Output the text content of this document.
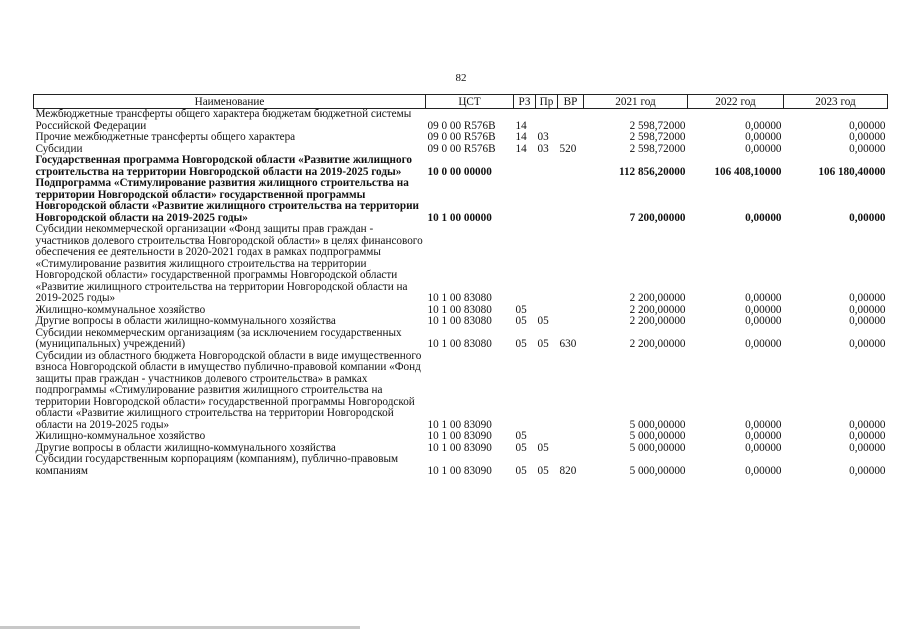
82
Наименование	ЦСТ	РЗ	Пр	ВР	2021 год	2022 год	2023 год
Межбюджетные трансферты общего характера бюджетам бюджетной системы Российской Федерации	09 0 00 R576В	14			2 598,72000	0,00000	0,00000
Прочие межбюджетные трансферты общего характера	09 0 00 R576В	14	03		2 598,72000	0,00000	0,00000
Субсидии	09 0 00 R576В	14	03	520	2 598,72000	0,00000	0,00000
Государственная программа Новгородской области «Развитие жилищного строительства на территории Новгородской области на 2019-2025 годы»	10 0 00 00000				112 856,20000	106 408,10000	106 180,40000
Подпрограмма «Стимулирование развития жилищного строительства на территории Новгородской области» государственной программы Новгородской области «Развитие жилищного строительства на территории Новгородской области на 2019-2025 годы»	10 1 00 00000				7 200,00000	0,00000	0,00000
Субсидии некоммерческой организации «Фонд защиты прав граждан - участников долевого строительства Новгородской области» в целях финансового обеспечения ее деятельности в 2020-2021 годах в рамках подпрограммы «Стимулирование развития жилищного строительства на территории Новгородской области» государственной программы Новгородской области «Развитие жилищного строительства на территории Новгородской области на 2019-2025 годы»	10 1 00 83080				2 200,00000	0,00000	0,00000
Жилищно-коммунальное хозяйство	10 1 00 83080	05			2 200,00000	0,00000	0,00000
Другие вопросы в области жилищно-коммунального хозяйства	10 1 00 83080	05	05		2 200,00000	0,00000	0,00000
Субсидии некоммерческим организациям (за исключением государственных (муниципальных) учреждений)	10 1 00 83080	05	05	630	2 200,00000	0,00000	0,00000
Субсидии из областного бюджета Новгородской области в виде имущественного взноса Новгородской области в имущество публично-правовой компании «Фонд защиты прав граждан - участников долевого строительства» в рамках подпрограммы «Стимулирование развития жилищного строительства на территории Новгородской области» государственной программы Новгородской области «Развитие жилищного строительства на территории Новгородской области на 2019-2025 годы»	10 1 00 83090				5 000,00000	0,00000	0,00000
Жилищно-коммунальное хозяйство	10 1 00 83090	05			5 000,00000	0,00000	0,00000
Другие вопросы в области жилищно-коммунального хозяйства	10 1 00 83090	05	05		5 000,00000	0,00000	0,00000
Субсидии государственным корпорациям (компаниям), публично-правовым компаниям	10 1 00 83090	05	05	820	5 000,00000	0,00000	0,00000
